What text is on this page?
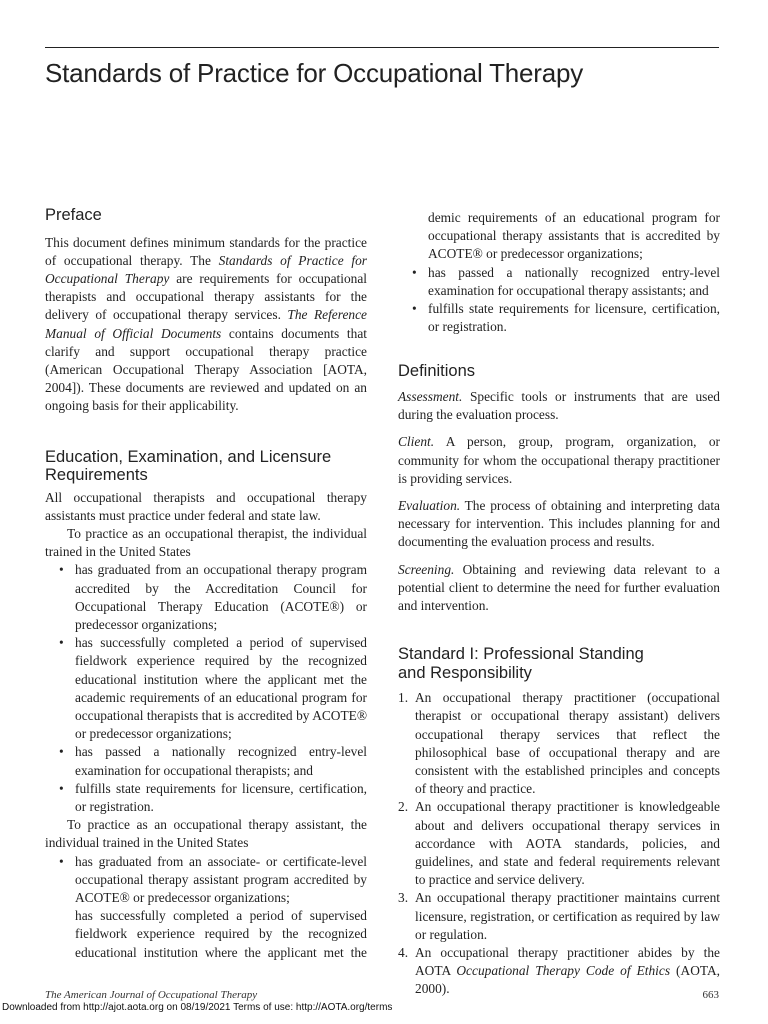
Standards of Practice for Occupational Therapy
Preface

This document defines minimum standards for the practice of occupational therapy. The Standards of Practice for Occupational Therapy are requirements for occupational therapists and occupational therapy assistants for the delivery of occupational therapy services. The Reference Manual of Official Documents contains documents that clarify and support occupational therapy practice (American Occupational Therapy Association [AOTA, 2004]). These documents are reviewed and updated on an ongoing basis for their applicability.

Education, Examination, and Licensure
Requirements

All occupational therapists and occupational therapy assistants must practice under federal and state law.

To practice as an occupational therapist, the individual trained in the United States

• has graduated from an occupational therapy program accredited by the Accreditation Council for Occupational Therapy Education (ACOTE®) or predecessor organizations;
• has successfully completed a period of supervised fieldwork experience required by the recognized educational institution where the applicant met the academic requirements of an educational program for occupational therapists that is accredited by ACOTE® or predecessor organizations;
• has passed a nationally recognized entry-level examination for occupational therapists; and
• fulfills state requirements for licensure, certification, or registration.

To practice as an occupational therapy assistant, the individual trained in the United States

• has graduated from an associate- or certificate-level occupational therapy assistant program accredited by ACOTE® or predecessor organizations;
• has successfully completed a period of supervised fieldwork experience required by the recognized educational institution where the applicant met the
demic requirements of an educational program for occupational therapy assistants that is accredited by ACOTE® or predecessor organizations;
• has passed a nationally recognized entry-level examination for occupational therapy assistants; and
• fulfills state requirements for licensure, certification, or registration.
Definitions

Assessment. Specific tools or instruments that are used during the evaluation process.

Client. A person, group, program, organization, or community for whom the occupational therapy practitioner is providing services.

Evaluation. The process of obtaining and interpreting data necessary for intervention. This includes planning for and documenting the evaluation process and results.

Screening. Obtaining and reviewing data relevant to a potential client to determine the need for further evaluation and intervention.

Standard I: Professional Standing
and Responsibility
1. An occupational therapy practitioner (occupational therapist or occupational therapy assistant) delivers occupational therapy services that reflect the philosophical base of occupational therapy and are consistent with the established principles and concepts of theory and practice.
2. An occupational therapy practitioner is knowledgeable about and delivers occupational therapy services in accordance with AOTA standards, policies, and guidelines, and state and federal requirements relevant to practice and service delivery.
3. An occupational therapy practitioner maintains current licensure, registration, or certification as required by law or regulation.
4. An occupational therapy practitioner abides by the AOTA Occupational Therapy Code of Ethics (AOTA, 2000).
The American Journal of Occupational Therapy	663
Downloaded from http://ajot.aota.org on 08/19/2021 Terms of use: http://AOTA.org/terms
